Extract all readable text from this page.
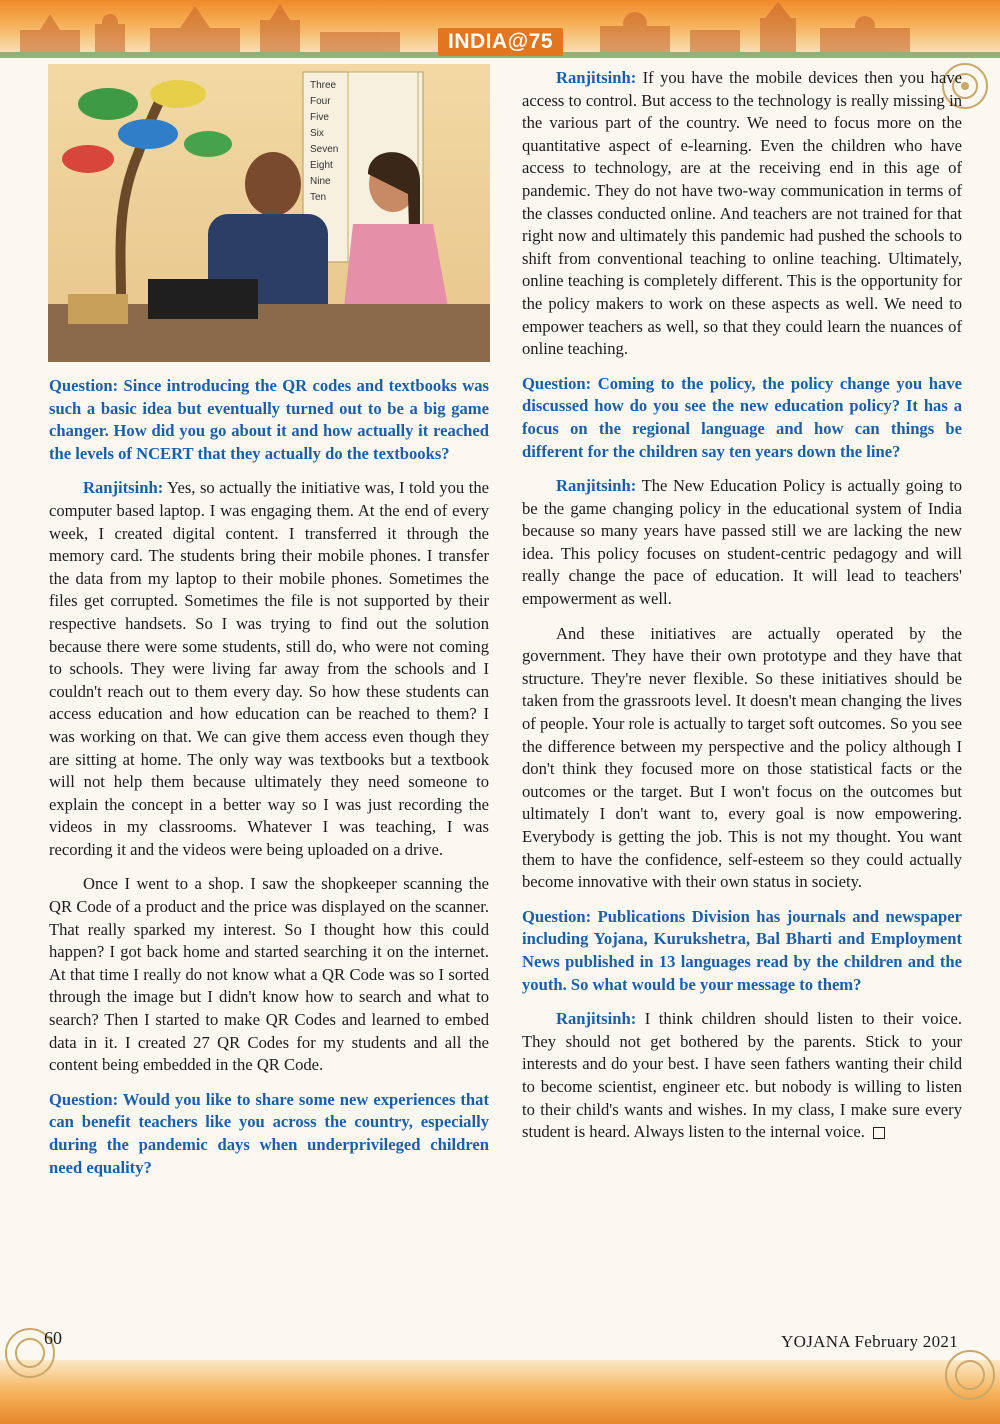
INDIA@75
Three
Four
Five
Six
Seven
Eight
Nine
Ten

Question: Since introducing the QR codes and textbooks was such a basic idea but eventually turned out to be a big game changer. How did you go about it and how actually it reached the levels of NCERT that they actually do the textbooks?

Ranjitsinh: Yes, so actually the initiative was, I told you the computer based laptop. I was engaging them. At the end of every week, I created digital content. I transferred it through the memory card. The students bring their mobile phones. I transfer the data from my laptop to their mobile phones. Sometimes the files get corrupted. Sometimes the file is not supported by their respective handsets. So I was trying to find out the solution because there were some students, still do, who were not coming to schools. They were living far away from the schools and I couldn't reach out to them every day. So how these students can access education and how education can be reached to them? I was working on that. We can give them access even though they are sitting at home. The only way was textbooks but a textbook will not help them because ultimately they need someone to explain the concept in a better way so I was just recording the videos in my classrooms. Whatever I was teaching, I was recording it and the videos were being uploaded on a drive.

Once I went to a shop. I saw the shopkeeper scanning the QR Code of a product and the price was displayed on the scanner. That really sparked my interest. So I thought how this could happen? I got back home and started searching it on the internet. At that time I really do not know what a QR Code was so I sorted through the image but I didn't know how to search and what to search? Then I started to make QR Codes and learned to embed data in it. I created 27 QR Codes for my students and all the content being embedded in the QR Code.

Question: Would you like to share some new experiences that can benefit teachers like you across the country, especially during the pandemic days when underprivileged children need equality?

Ranjitsinh: If you have the mobile devices then you have access to control. But access to the technology is really missing in the various part of the country. We need to focus more on the quantitative aspect of e-learning. Even the children who have access to technology, are at the receiving end in this age of pandemic. They do not have two-way communication in terms of the classes conducted online. And teachers are not trained for that right now and ultimately this pandemic had pushed the schools to shift from conventional teaching to online teaching. Ultimately, online teaching is completely different. This is the opportunity for the policy makers to work on these aspects as well. We need to empower teachers as well, so that they could learn the nuances of online teaching.

Question: Coming to the policy, the policy change you have discussed how do you see the new education policy? It has a focus on the regional language and how can things be different for the children say ten years down the line?

Ranjitsinh: The New Education Policy is actually going to be the game changing policy in the educational system of India because so many years have passed still we are lacking the new idea. This policy focuses on student-centric pedagogy and will really change the pace of education. It will lead to teachers' empowerment as well.

And these initiatives are actually operated by the government. They have their own prototype and they have that structure. They're never flexible. So these initiatives should be taken from the grassroots level. It doesn't mean changing the lives of people. Your role is actually to target soft outcomes. So you see the difference between my perspective and the policy although I don't think they focused more on those statistical facts or the outcomes or the target. But I won't focus on the outcomes but ultimately I don't want to, every goal is now empowering. Everybody is getting the job. This is not my thought. You want them to have the confidence, self-esteem so they could actually become innovative with their own status in society.

Question: Publications Division has journals and newspaper including Yojana, Kurukshetra, Bal Bharti and Employment News published in 13 languages read by the children and the youth. So what would be your message to them?

Ranjitsinh: I think children should listen to their voice. They should not get bothered by the parents. Stick to your interests and do your best. I have seen fathers wanting their child to become scientist, engineer etc. but nobody is willing to listen to their child's wants and wishes. In my class, I make sure every student is heard. Always listen to the internal voice.

60	YOJANA February 2021
